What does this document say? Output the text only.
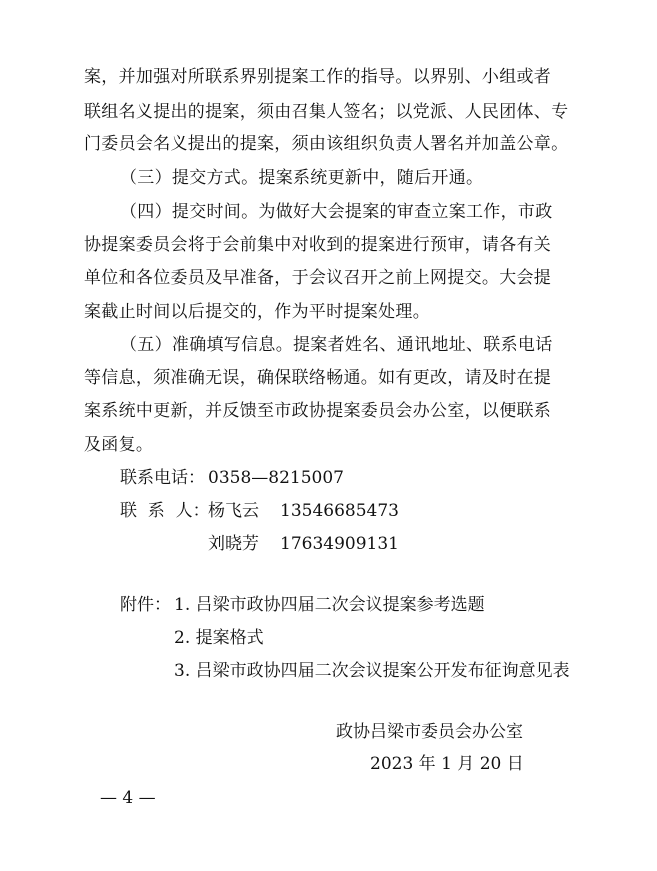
案，并加强对所联系界别提案工作的指导。以界别、小组或者
联组名义提出的提案，须由召集人签名；以党派、人民团体、专
门委员会名义提出的提案，须由该组织负责人署名并加盖公章。
（三）提交方式。提案系统更新中，随后开通。
（四）提交时间。为做好大会提案的审查立案工作，市政
协提案委员会将于会前集中对收到的提案进行预审，请各有关
单位和各位委员及早准备，于会议召开之前上网提交。大会提
案截止时间以后提交的，作为平时提案处理。
（五）准确填写信息。提案者姓名、通讯地址、联系电话
等信息，须准确无误，确保联络畅通。如有更改，请及时在提
案系统中更新，并反馈至市政协提案委员会办公室，以便联系
及函复。
联系电话： 0358—8215007
联  系  人：
杨飞云 13546685473
刘晓芳 17634909131
附件： 1. 吕梁市政协四届二次会议提案参考选题
2. 提案格式
3. 吕梁市政协四届二次会议提案公开发布征询意见表
政协吕梁市委员会办公室
2023 年 1 月 20 日
— 4 —
